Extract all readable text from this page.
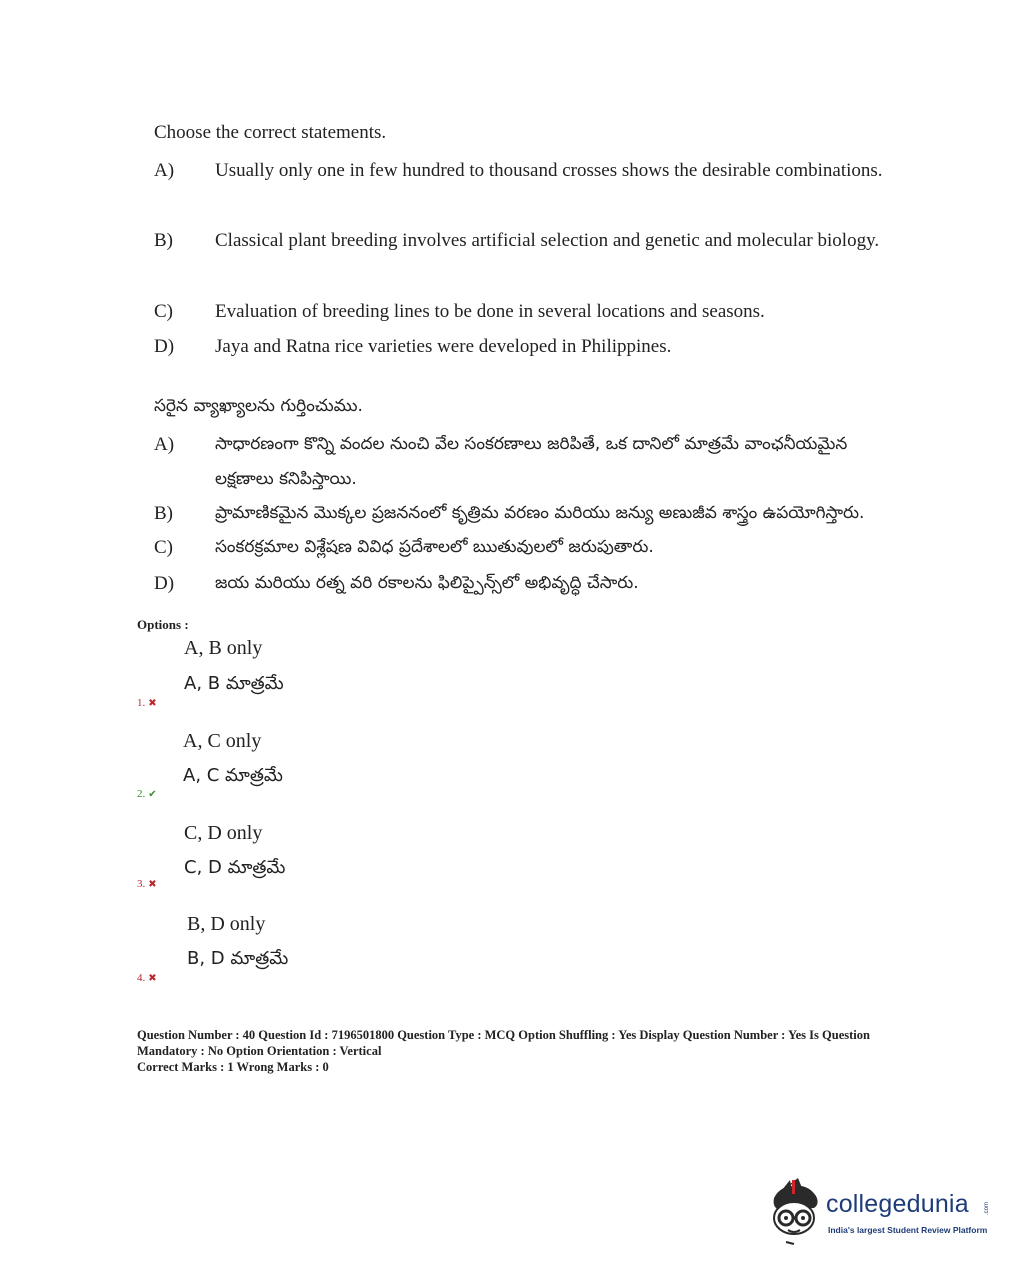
Choose the correct statements.
A)	Usually only one in few hundred to thousand crosses shows the desirable combinations.
B)	Classical plant breeding involves artificial selection and genetic and molecular biology.
C)	Evaluation of breeding lines to be done in several locations and seasons.
D)	Jaya and Ratna rice varieties were developed in Philippines.
సరైన వ్యాఖ్యాలను గుర్తించుము.
A)	సాధారణంగా కొన్ని వందల నుంచి వేల సంకరణాలు జరిపితే, ఒక దానిలో మాత్రమే వాంఛనీయమైన లక్షణాలు కనిపిస్తాయి.
B)	ప్రామాణికమైన మొక్కల ప్రజననంలో కృత్రిమ వరణం మరియు జన్యు అణుజీవ శాస్త్రం ఉపయోగిస్తారు.
C)	సంకరక్రమాల విశ్లేషణ వివిధ ప్రదేశాలలో ఋతువులలో జరుపుతారు.
D)	జయ మరియు రత్న వరి రకాలను ఫిలిప్పైన్స్‌లో అభివృద్ధి చేసారు.
Options :
A, B only
A, B మాత్రమే
1. ✖
A, C only
A, C మాత్రమే
2. ✔
C, D only
C, D మాత్రమే
3. ✖
B, D only
B, D మాత్రమే
4. ✖
Question Number : 40 Question Id : 7196501800 Question Type : MCQ Option Shuffling : Yes Display Question Number : Yes Is Question Mandatory : No Option Orientation : Vertical
Correct Marks : 1 Wrong Marks : 0
collegedunia	.com
India's largest Student Review Platform
